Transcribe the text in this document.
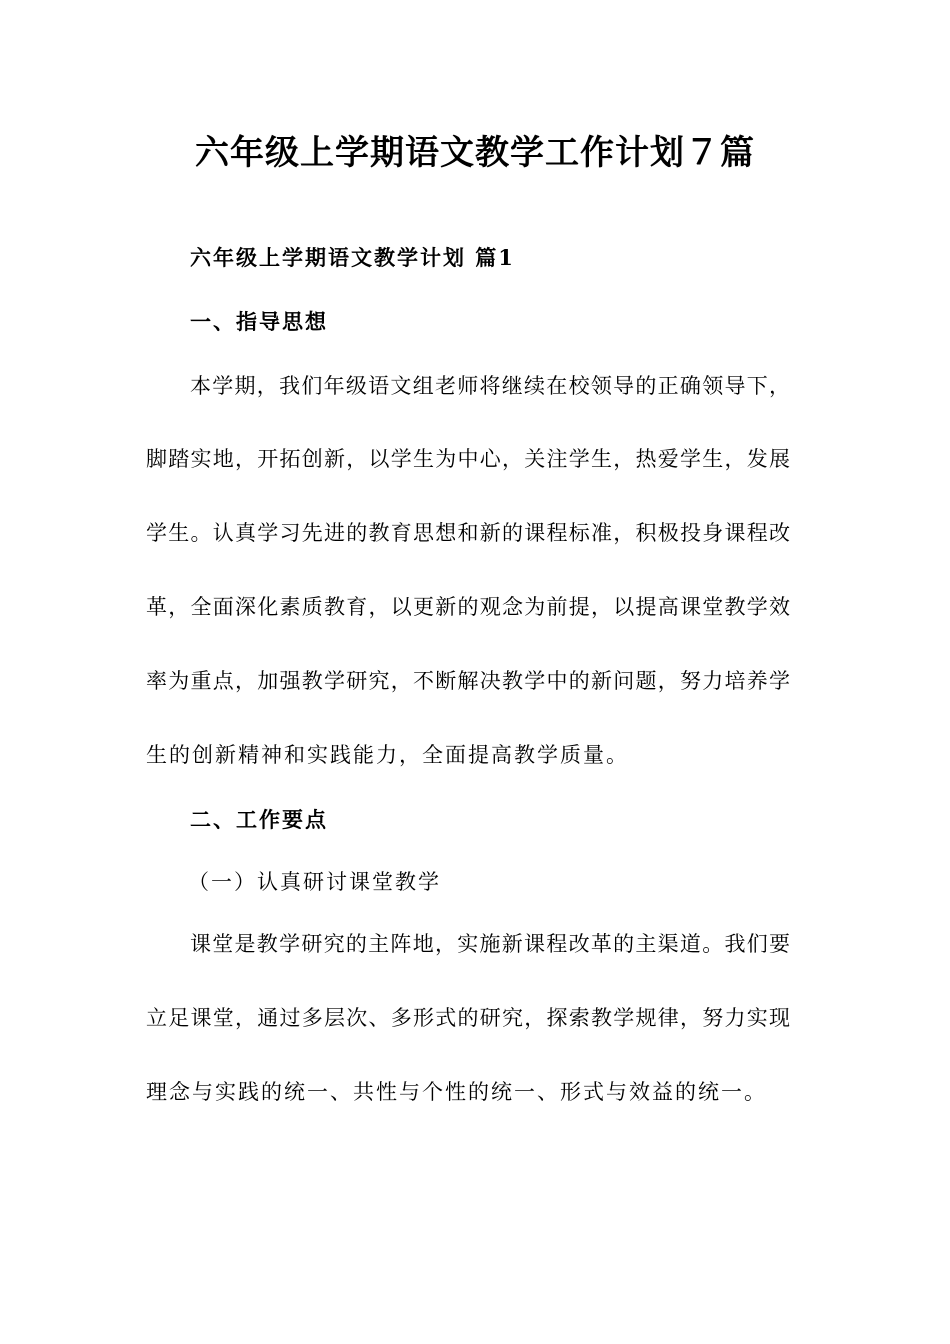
六年级上学期语文教学工作计划７篇
六年级上学期语文教学计划 篇1
一、指导思想
本学期，我们年级语文组老师将继续在校领导的正确领导下，
脚踏实地，开拓创新，以学生为中心，关注学生，热爱学生，发展
学生。认真学习先进的教育思想和新的课程标准，积极投身课程改
革，全面深化素质教育，以更新的观念为前提，以提高课堂教学效
率为重点，加强教学研究，不断解决教学中的新问题，努力培养学
生的创新精神和实践能力，全面提高教学质量。
二、工作要点
（一）认真研讨课堂教学
课堂是教学研究的主阵地，实施新课程改革的主渠道。我们要
立足课堂，通过多层次、多形式的研究，探索教学规律，努力实现
理念与实践的统一、共性与个性的统一、形式与效益的统一。
